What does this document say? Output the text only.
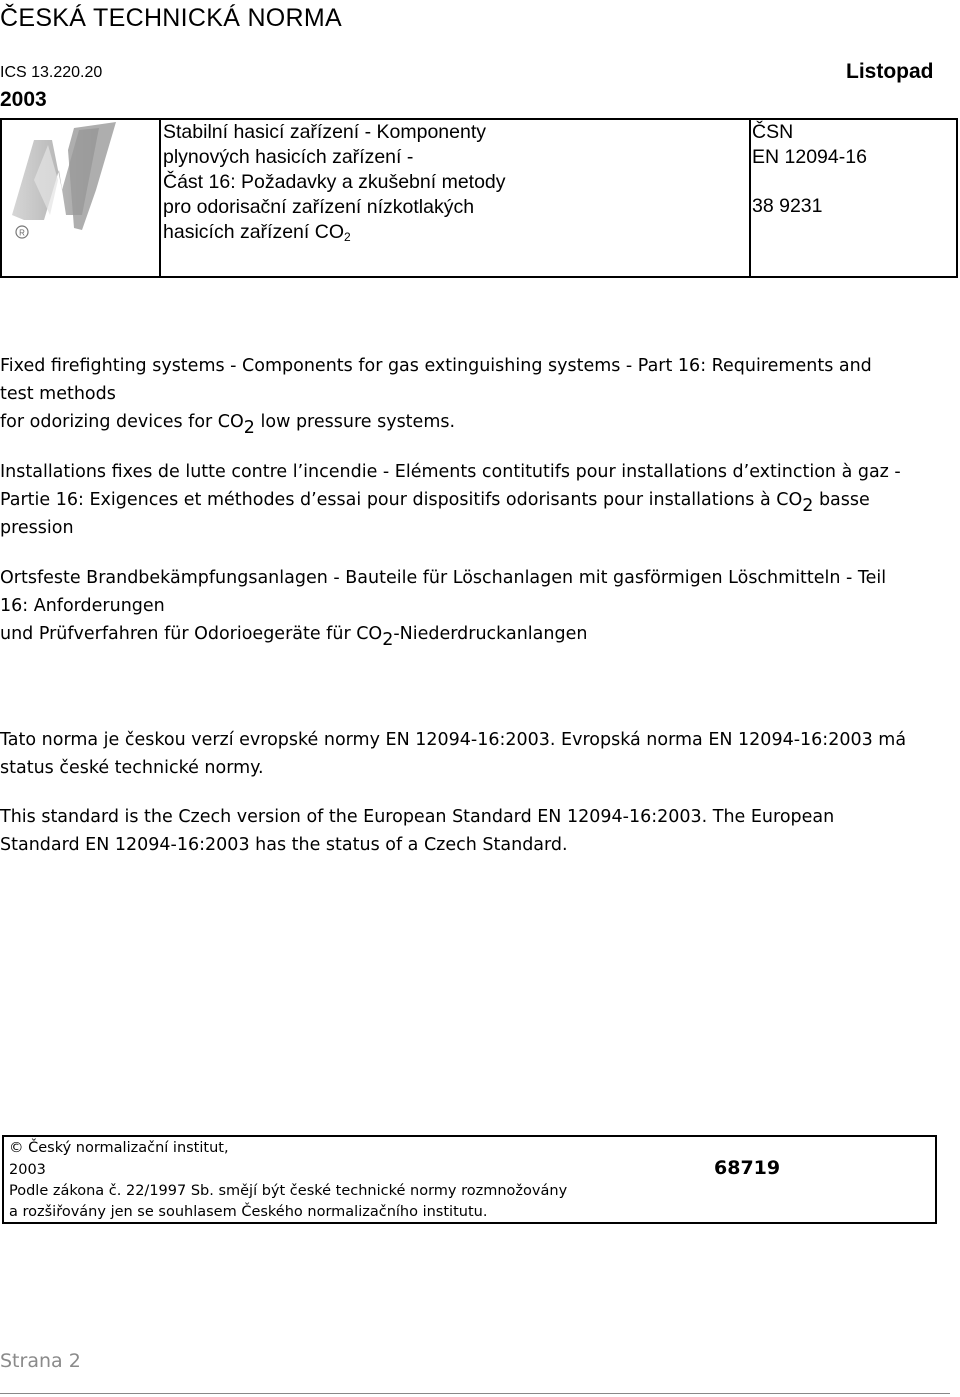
ČESKÁ TECHNICKÁ NORMA
ICS 13.220.20	Listopad
2003
R
Stabilní hasicí zařízení - Komponenty
plynových hasicích zařízení -
Část 16: Požadavky a zkušební metody
pro odorisační zařízení nízkotlakých
hasicích zařízení $CO_2$
ČSN
EN 12094-16
38 9231
Fixed firefighting systems - Components for gas extinguishing systems - Part 16: Requirements and
test methods
for odorizing devices for $CO_2$ low pressure systems.
Installations fixes de lutte contre l’incendie - Eléments contitutifs pour installations d’extinction à gaz -
Partie 16: Exigences et méthodes d’essai pour dispositifs odorisants pour installations à $CO_2$ basse
pression
Ortsfeste Brandbekämpfungsanlagen - Bauteile für Löschanlagen mit gasförmigen Löschmitteln - Teil
16: Anforderungen
und Prüfverfahren für Odorioegeräte für $CO_2$-Niederdruckanlangen
Tato norma je českou verzí evropské normy EN 12094-16:2003. Evropská norma EN 12094-16:2003 má
status české technické normy.
This standard is the Czech version of the European Standard EN 12094-16:2003. The European
Standard EN 12094-16:2003 has the status of a Czech Standard.
© Český normalizační institut,
2003
Podle zákona č. 22/1997 Sb. smějí být české technické normy rozmnožovány
a rozšiřovány jen se souhlasem Českého normalizačního institutu.
68719
Strana 2
